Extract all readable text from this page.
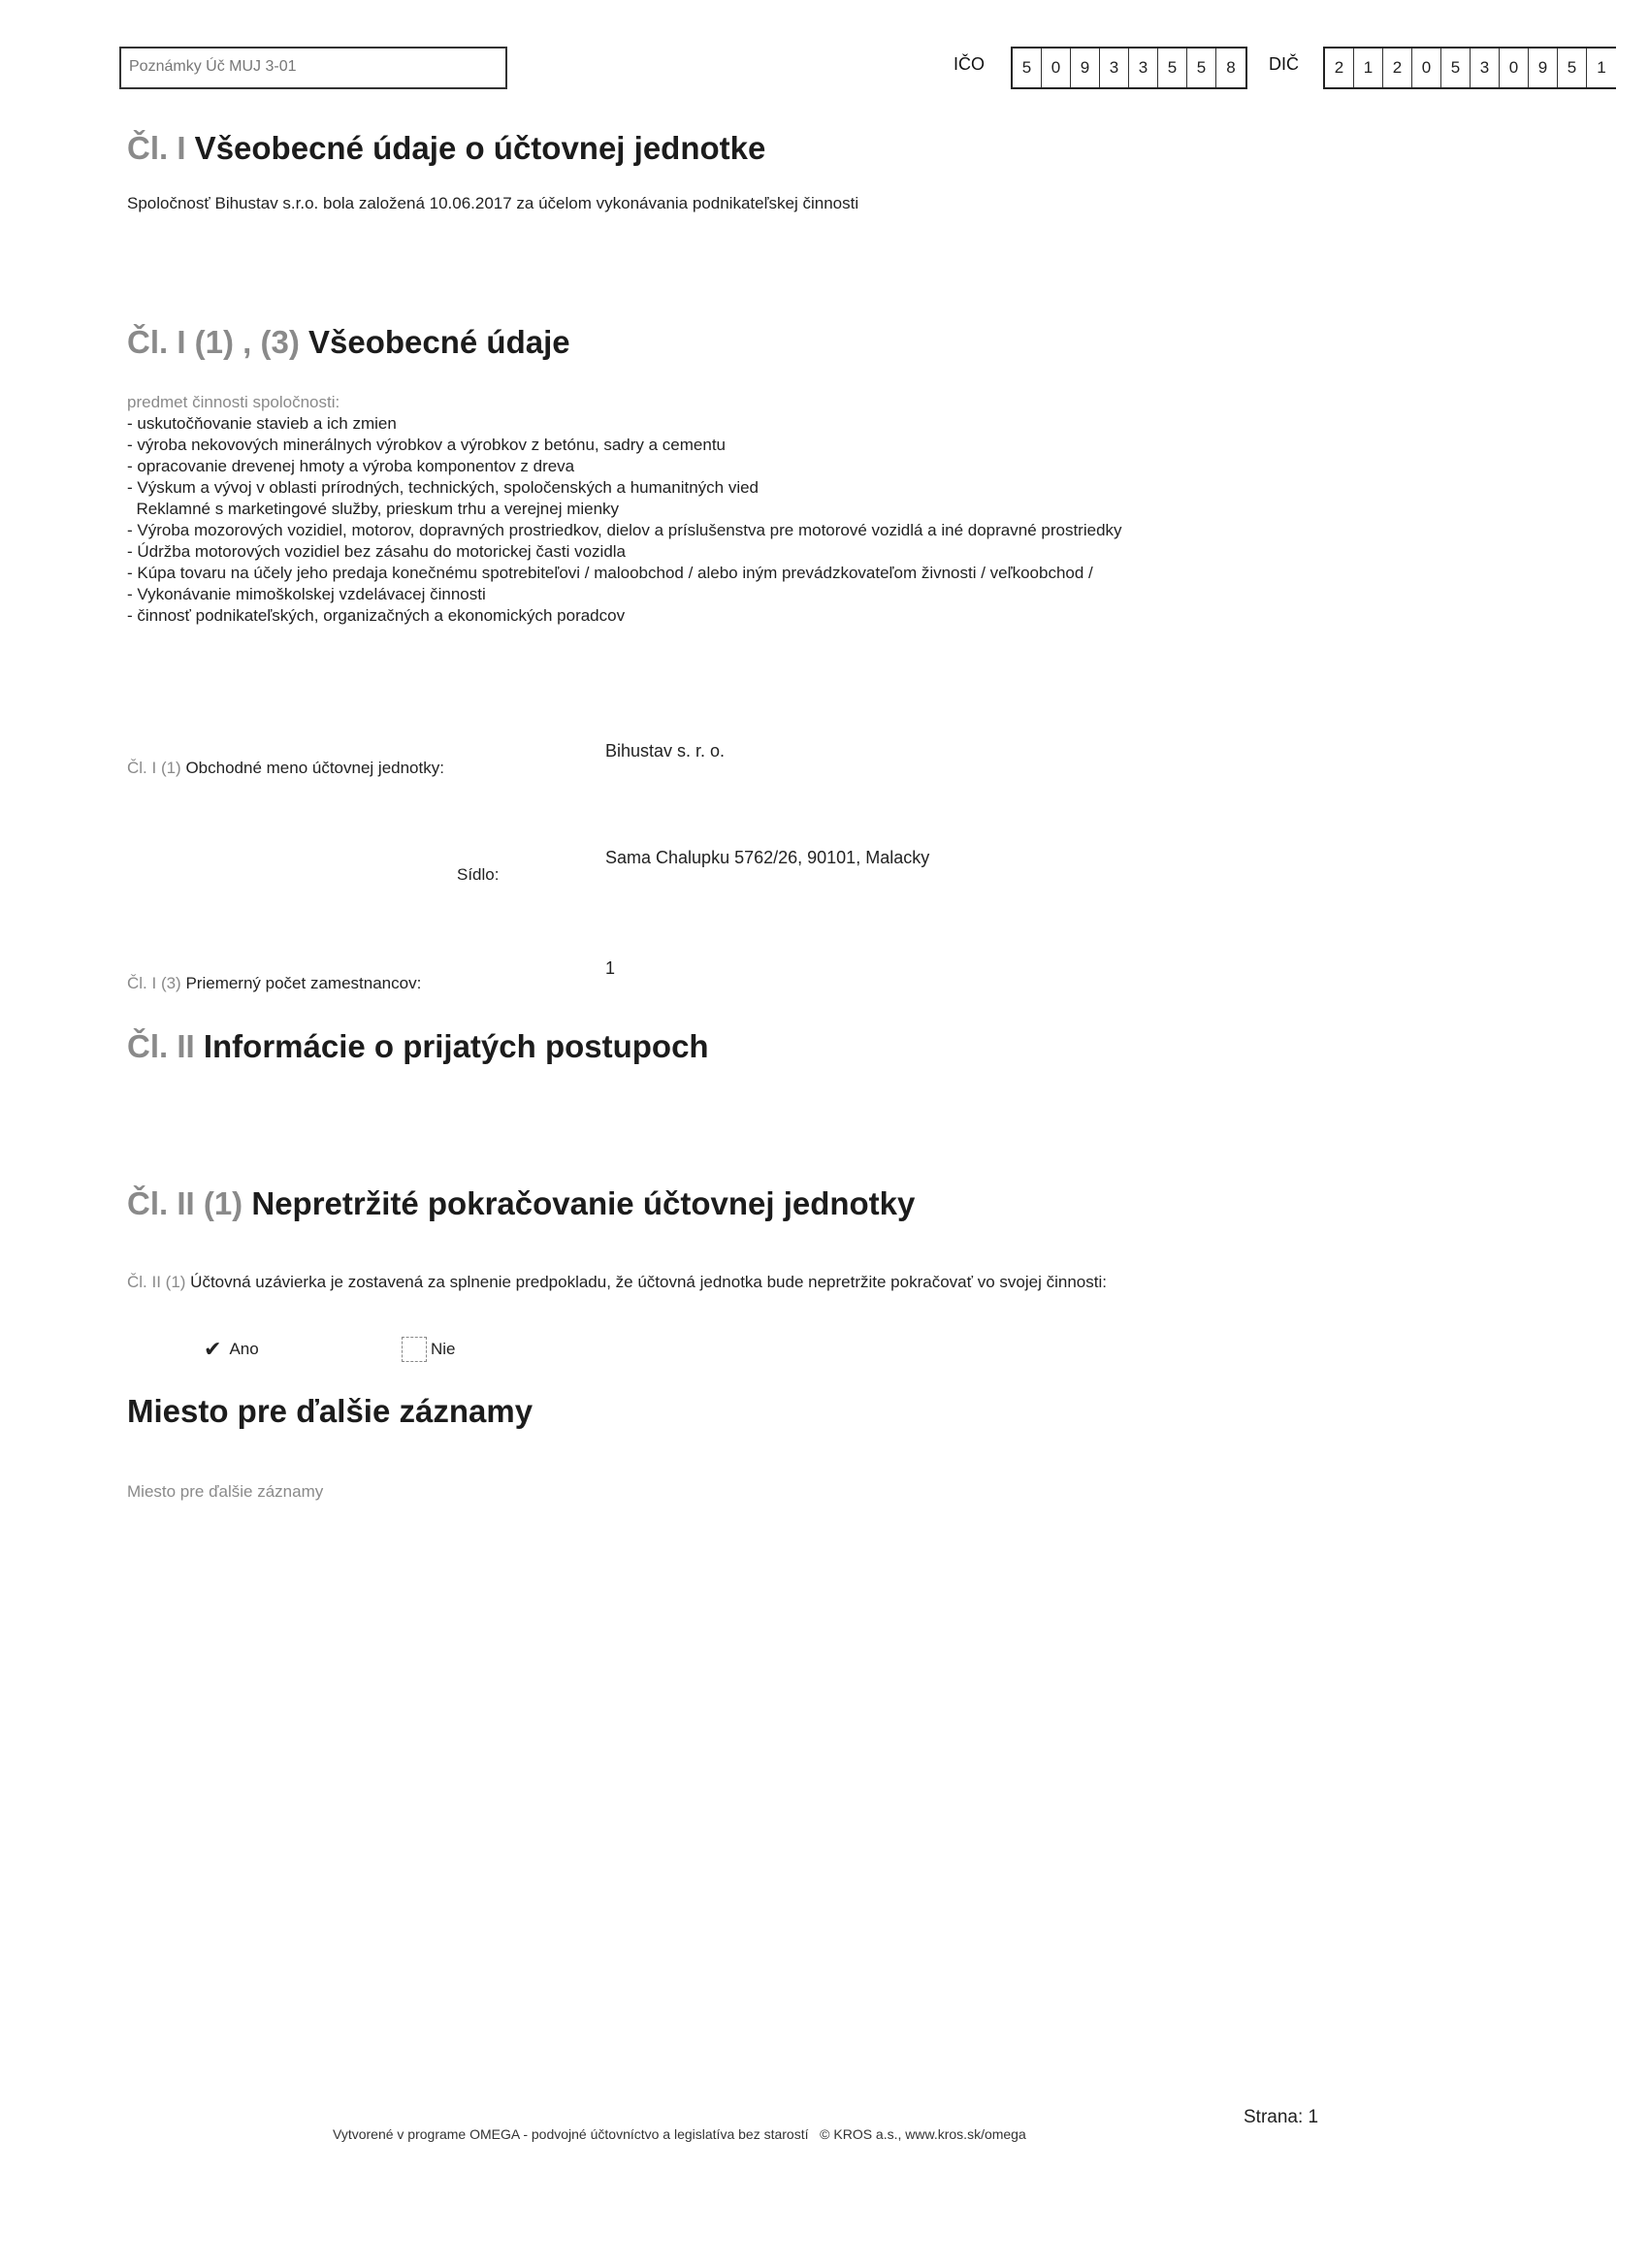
Poznámky Úč MUJ 3-01	IČO	5	0	9	3	3	5	5	8	DIČ	2	1	2	0	5	3	0	9	5	1
Čl. I Všeobecné údaje o účtovnej jednotke
Spoločnosť Bihustav s.r.o. bola založená 10.06.2017 za účelom vykonávania podnikateľskej činnosti
Čl. I (1) , (3) Všeobecné údaje
predmet činnosti spoločnosti:
- uskutočňovanie stavieb a ich zmien
- výroba nekovových minerálnych výrobkov a výrobkov z betónu, sadry a cementu
- opracovanie drevenej hmoty a výroba komponentov z dreva
- Výskum a vývoj v oblasti prírodných, technických, spoločenských a humanitných vied
Reklamné s marketingové služby, prieskum trhu a verejnej mienky
- Výroba mozorových vozidiel, motorov, dopravných prostriedkov, dielov a príslušenstva pre motorové vozidlá a iné dopravné prostriedky
- Údržba motorových vozidiel bez zásahu do motorickej časti vozidla
- Kúpa tovaru na účely jeho predaja konečnému spotrebiteľovi / maloobchod / alebo iným prevádzkovateľom živnosti / veľkoobchod /
- Vykonávanie mimoškolskej vzdelávacej činnosti
- činnosť podnikateľských, organizačných a ekonomických poradcov
Čl. I (1) Obchodné meno účtovnej jednotky:
Bihustav s. r. o.
Sídlo:
Sama Chalupku 5762/26, 90101, Malacky
Čl. I (3) Priemerný počet zamestnancov:
1
Čl. II Informácie o prijatých postupoch
Čl. II (1) Nepretržité pokračovanie účtovnej jednotky
Čl. II (1) Účtovná uzávierka je zostavená za splnenie predpokladu, že účtovná jednotka bude nepretržite pokračovať vo svojej činnosti:
✔ Ano	Nie
Miesto pre ďalšie záznamy
Miesto pre ďalšie záznamy
Vytvorené v programe OMEGA - podvojné účtovníctvo a legislatíva bez starostí   © KROS a.s., www.kros.sk/omega
Strana: 1
